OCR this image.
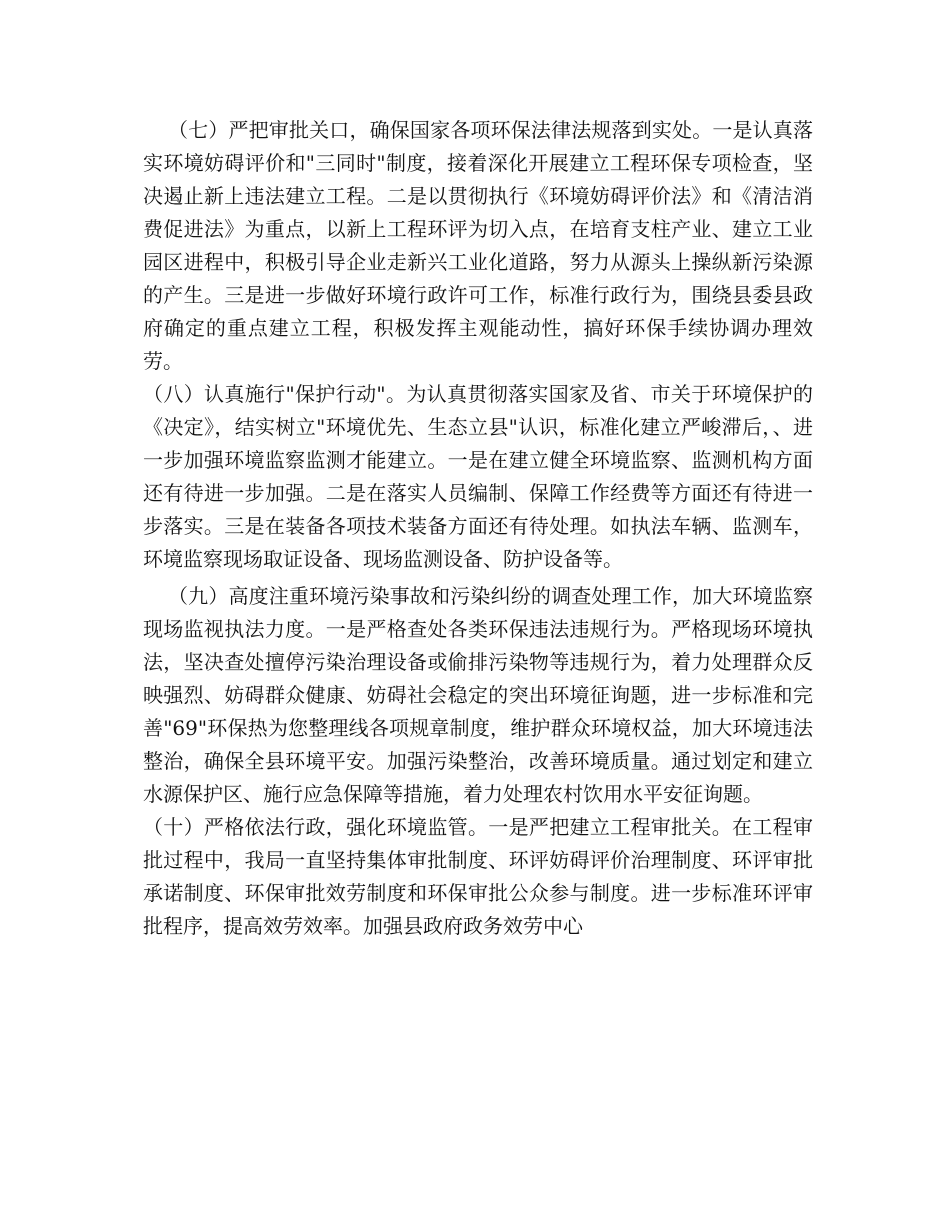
（七）严把审批关口，确保国家各项环保法律法规落到实处。一是认真落实环境妨碍评价和"三同时"制度，接着深化开展建立工程环保专项检查，坚决遏止新上违法建立工程。二是以贯彻执行《环境妨碍评价法》和《清洁消费促进法》为重点，以新上工程环评为切入点，在培育支柱产业、建立工业园区进程中，积极引导企业走新兴工业化道路，努力从源头上操纵新污染源的产生。三是进一步做好环境行政许可工作，标准行政行为，围绕县委县政府确定的重点建立工程，积极发挥主观能动性，搞好环保手续协调办理效劳。

（八）认真施行"保护行动"。为认真贯彻落实国家及省、市关于环境保护的《决定》，结实树立"环境优先、生态立县"认识，标准化建立严峻滞后，、进一步加强环境监察监测才能建立。一是在建立健全环境监察、监测机构方面还有待进一步加强。二是在落实人员编制、保障工作经费等方面还有待进一步落实。三是在装备各项技术装备方面还有待处理。如执法车辆、监测车，环境监察现场取证设备、现场监测设备、防护设备等。

（九）高度注重环境污染事故和污染纠纷的调查处理工作，加大环境监察现场监视执法力度。一是严格查处各类环保违法违规行为。严格现场环境执法，坚决查处擅停污染治理设备或偷排污染物等违规行为，着力处理群众反映强烈、妨碍群众健康、妨碍社会稳定的突出环境征询题，进一步标准和完善"69"环保热为您整理线各项规章制度，维护群众环境权益，加大环境违法整治，确保全县环境平安。加强污染整治，改善环境质量。通过划定和建立水源保护区、施行应急保障等措施，着力处理农村饮用水平安征询题。

（十）严格依法行政，强化环境监管。一是严把建立工程审批关。在工程审批过程中，我局一直坚持集体审批制度、环评妨碍评价治理制度、环评审批承诺制度、环保审批效劳制度和环保审批公众参与制度。进一步标准环评审批程序，提高效劳效率。加强县政府政务效劳中心
